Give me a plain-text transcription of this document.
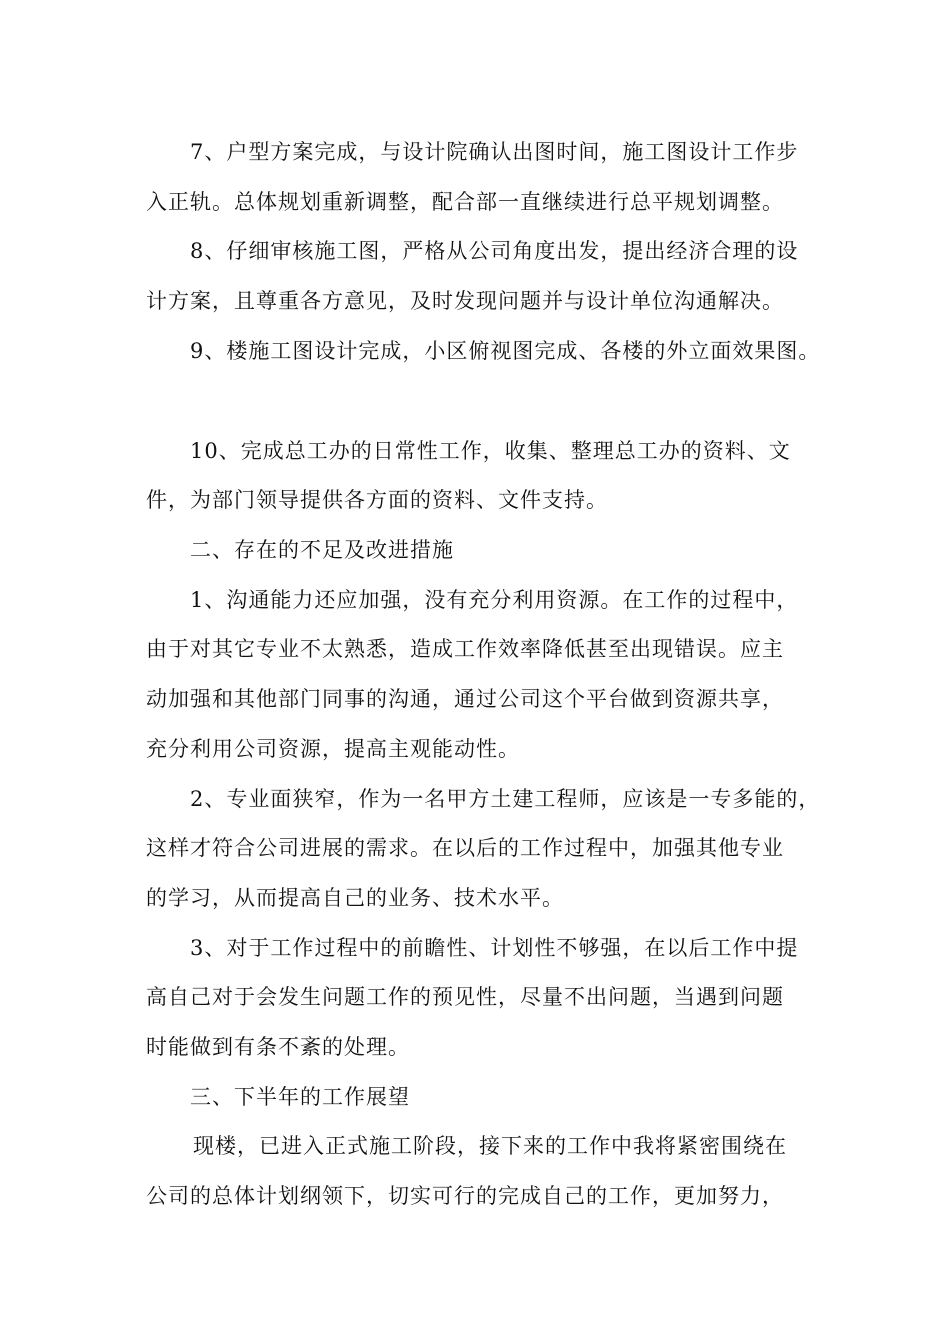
7、户型方案完成，与设计院确认出图时间，施工图设计工作步
入正轨。总体规划重新调整，配合部一直继续进行总平规划调整。
8、仔细审核施工图，严格从公司角度出发，提出经济合理的设
计方案，且尊重各方意见，及时发现问题并与设计单位沟通解决。
9、楼施工图设计完成，小区俯视图完成、各楼的外立面效果图。
10、完成总工办的日常性工作，收集、整理总工办的资料、文
件，为部门领导提供各方面的资料、文件支持。
二、存在的不足及改进措施
1、沟通能力还应加强，没有充分利用资源。在工作的过程中，
由于对其它专业不太熟悉，造成工作效率降低甚至出现错误。应主
动加强和其他部门同事的沟通，通过公司这个平台做到资源共享，
充分利用公司资源，提高主观能动性。
2、专业面狭窄，作为一名甲方土建工程师，应该是一专多能的，
这样才符合公司进展的需求。在以后的工作过程中，加强其他专业
的学习，从而提高自己的业务、技术水平。
3、对于工作过程中的前瞻性、计划性不够强，在以后工作中提
高自己对于会发生问题工作的预见性，尽量不出问题，当遇到问题
时能做到有条不紊的处理。
三、下半年的工作展望
现楼，已进入正式施工阶段，接下来的工作中我将紧密围绕在
公司的总体计划纲领下，切实可行的完成自己的工作，更加努力，
